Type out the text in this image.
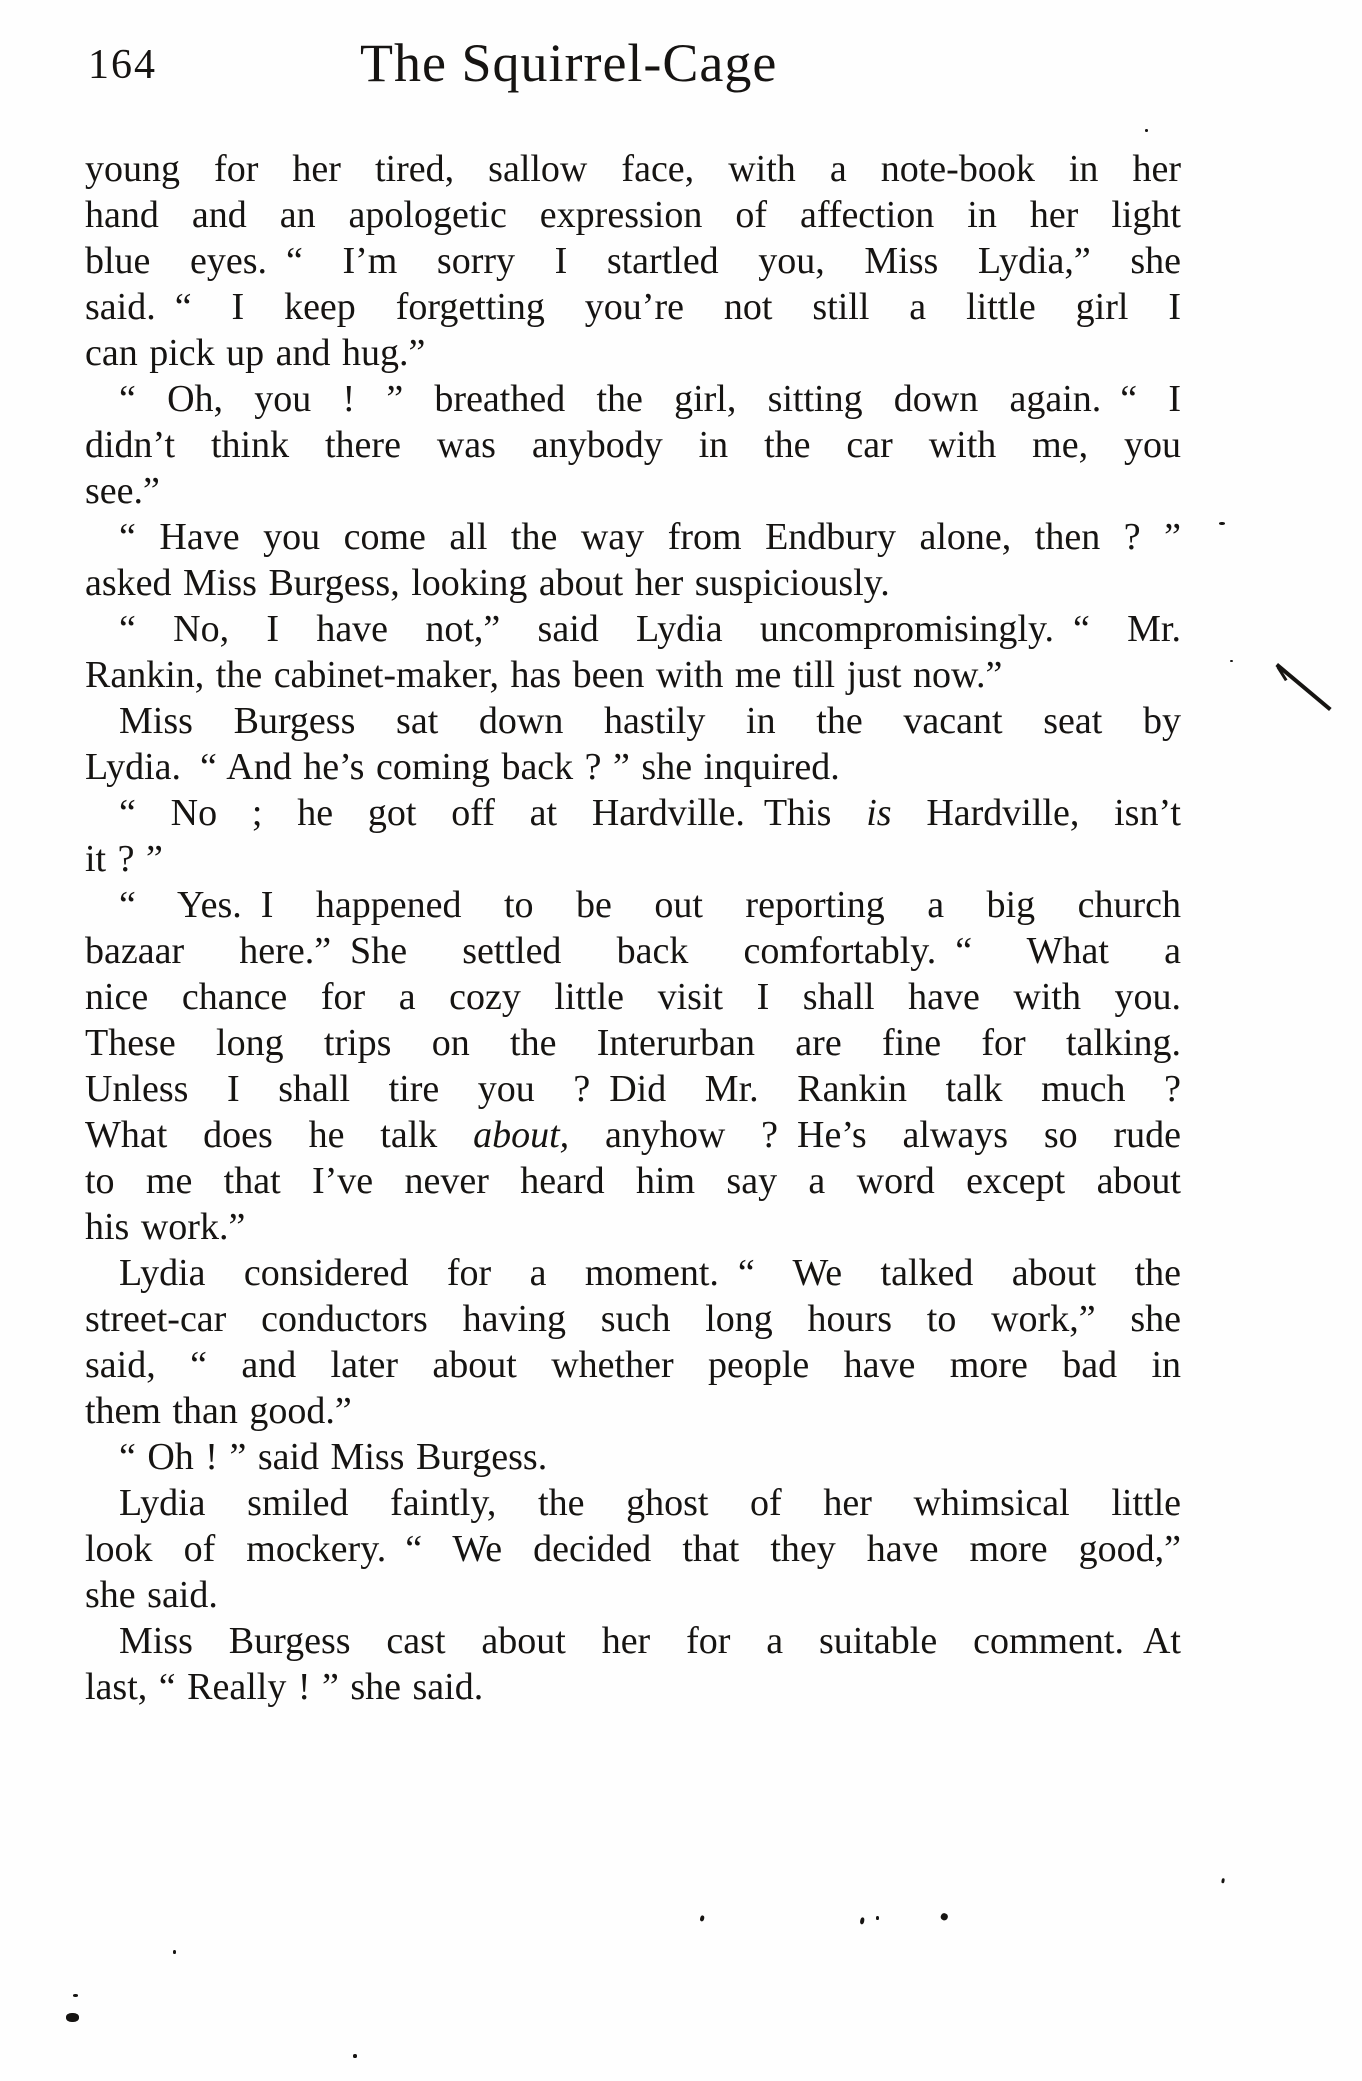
164	The Squirrel-Cage
young for her tired, sallow face, with a note-book in her
hand and an apologetic expression of affection in her light
blue eyes. “ I’m sorry I startled you, Miss Lydia,” she
said. “ I keep forgetting you’re not still a little girl I
can pick up and hug.”
“ Oh, you ! ” breathed the girl, sitting down again. “ I
didn’t think there was anybody in the car with me, you
see.”
“ Have you come all the way from Endbury alone, then ? ”
asked Miss Burgess, looking about her suspiciously.
“ No, I have not,” said Lydia uncompromisingly. “ Mr.
Rankin, the cabinet-maker, has been with me till just now.”
Miss Burgess sat down hastily in the vacant seat by
Lydia. “ And he’s coming back ? ” she inquired.
“ No ; he got off at Hardville. This is Hardville, isn’t
it ? ”
“ Yes. I happened to be out reporting a big church
bazaar here.” She settled back comfortably. “ What a
nice chance for a cozy little visit I shall have with you.
These long trips on the Interurban are fine for talking.
Unless I shall tire you ? Did Mr. Rankin talk much ?
What does he talk about, anyhow ? He’s always so rude
to me that I’ve never heard him say a word except about
his work.”
Lydia considered for a moment. “ We talked about the
street-car conductors having such long hours to work,” she
said, “ and later about whether people have more bad in
them than good.”
“ Oh ! ” said Miss Burgess.
Lydia smiled faintly, the ghost of her whimsical little
look of mockery. “ We decided that they have more good,”
she said.
Miss Burgess cast about her for a suitable comment. At
last, “ Really ! ” she said.
